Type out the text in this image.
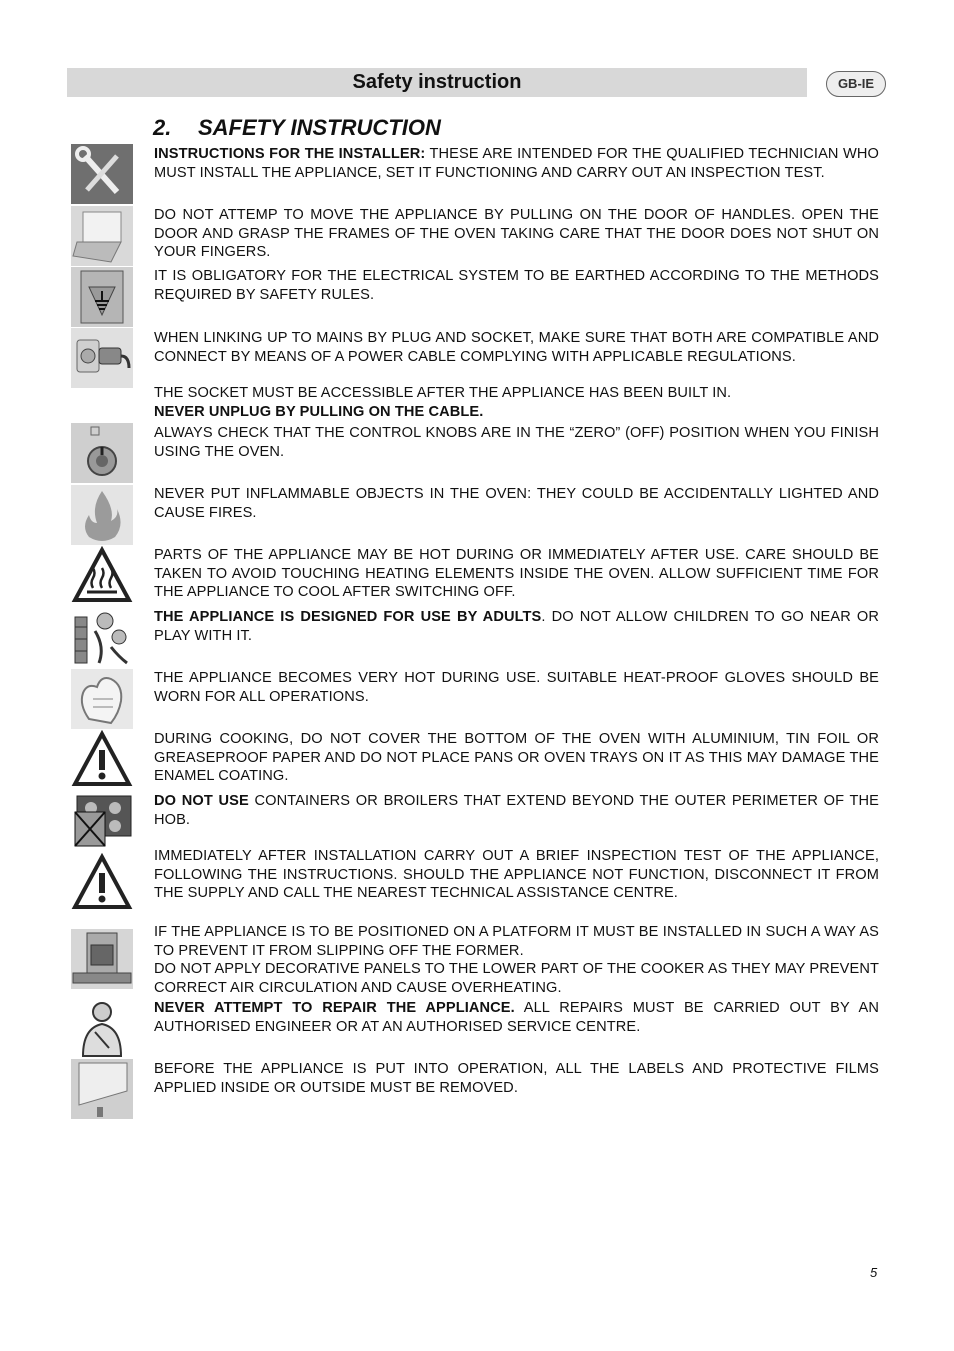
Safety instruction	GB-IE
2. SAFETY INSTRUCTION
INSTRUCTIONS FOR THE INSTALLER: THESE ARE INTENDED FOR THE QUALIFIED TECHNICIAN WHO MUST INSTALL THE APPLIANCE, SET IT FUNCTIONING AND CARRY OUT AN INSPECTION TEST.
DO NOT ATTEMP TO MOVE THE APPLIANCE BY PULLING ON THE DOOR OF HANDLES. OPEN THE DOOR AND GRASP THE FRAMES OF THE OVEN TAKING CARE THAT THE DOOR DOES NOT SHUT ON YOUR FINGERS.
IT IS OBLIGATORY FOR THE ELECTRICAL SYSTEM TO BE EARTHED ACCORDING TO THE METHODS REQUIRED BY SAFETY RULES.
WHEN LINKING UP TO MAINS BY PLUG AND SOCKET, MAKE SURE THAT BOTH ARE COMPATIBLE AND CONNECT BY MEANS OF A POWER CABLE COMPLYING WITH APPLICABLE REGULATIONS.
THE SOCKET MUST BE ACCESSIBLE AFTER THE APPLIANCE HAS BEEN BUILT IN.
NEVER UNPLUG BY PULLING ON THE CABLE.
ALWAYS CHECK THAT THE CONTROL KNOBS ARE IN THE “ZERO” (OFF) POSITION WHEN YOU FINISH USING THE OVEN.
NEVER PUT INFLAMMABLE OBJECTS IN THE OVEN: THEY COULD BE ACCIDENTALLY LIGHTED AND CAUSE FIRES.
PARTS OF THE APPLIANCE MAY BE HOT DURING OR IMMEDIATELY AFTER USE. CARE SHOULD BE TAKEN TO AVOID TOUCHING HEATING ELEMENTS INSIDE THE OVEN. ALLOW SUFFICIENT TIME FOR THE APPLIANCE TO COOL AFTER SWITCHING OFF.
THE APPLIANCE IS DESIGNED FOR USE BY ADULTS. DO NOT ALLOW CHILDREN TO GO NEAR OR PLAY WITH IT.
THE APPLIANCE BECOMES VERY HOT DURING USE. SUITABLE HEAT-PROOF GLOVES SHOULD BE WORN FOR ALL OPERATIONS.
DURING COOKING, DO NOT COVER THE BOTTOM OF THE OVEN WITH ALUMINIUM, TIN FOIL OR GREASEPROOF PAPER AND DO NOT PLACE PANS OR OVEN TRAYS ON IT AS THIS MAY DAMAGE THE ENAMEL COATING.
DO NOT USE CONTAINERS OR BROILERS THAT EXTEND BEYOND THE OUTER PERIMETER OF THE HOB.
IMMEDIATELY AFTER INSTALLATION CARRY OUT A BRIEF INSPECTION TEST OF THE APPLIANCE, FOLLOWING THE INSTRUCTIONS. SHOULD THE APPLIANCE NOT FUNCTION, DISCONNECT IT FROM THE SUPPLY AND CALL THE NEAREST TECHNICAL ASSISTANCE CENTRE.
IF THE APPLIANCE IS TO BE POSITIONED ON A PLATFORM IT MUST BE INSTALLED IN SUCH A WAY AS TO PREVENT IT FROM SLIPPING OFF THE FORMER.
DO NOT APPLY DECORATIVE PANELS TO THE LOWER PART OF THE COOKER AS THEY MAY PREVENT CORRECT AIR CIRCULATION AND CAUSE OVERHEATING.
NEVER ATTEMPT TO REPAIR THE APPLIANCE. ALL REPAIRS MUST BE CARRIED OUT BY AN AUTHORISED ENGINEER OR AT AN AUTHORISED SERVICE CENTRE.
BEFORE THE APPLIANCE IS PUT INTO OPERATION, ALL THE LABELS AND PROTECTIVE FILMS APPLIED INSIDE OR OUTSIDE MUST BE REMOVED.
5
